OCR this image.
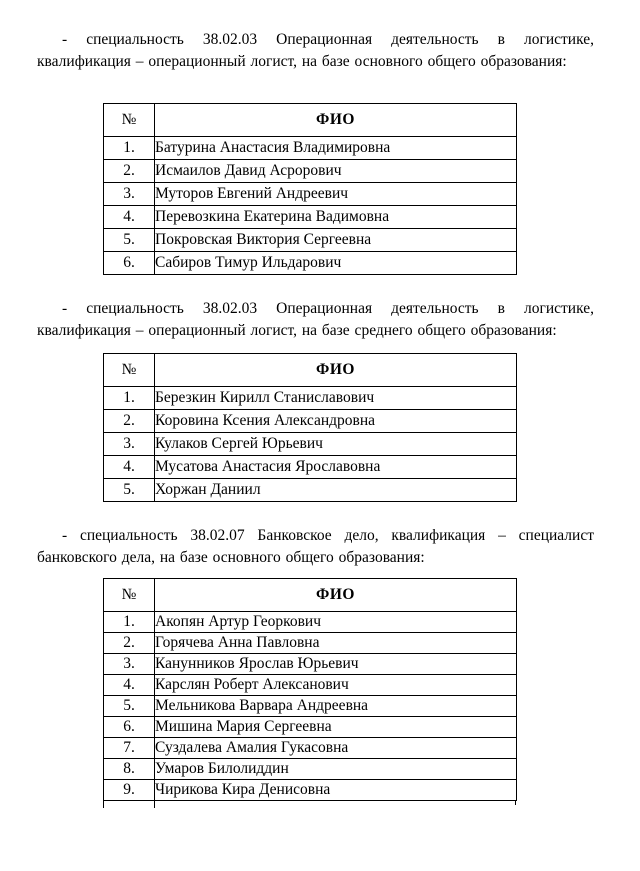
- специальность 38.02.03 Операционная деятельность в логистике, квалификация – операционный логист, на базе основного общего образования:

№	ФИО
1.	Батурина Анастасия Владимировна
2.	Исмаилов Давид Асрорович
3.	Муторов Евгений Андреевич
4.	Перевозкина Екатерина Вадимовна
5.	Покровская Виктория Сергеевна
6.	Сабиров Тимур Ильдарович

- специальность 38.02.03 Операционная деятельность в логистике, квалификация – операционный логист, на базе среднего общего образования:

№	ФИО
1.	Березкин Кирилл Станиславович
2.	Коровина Ксения Александровна
3.	Кулаков Сергей Юрьевич
4.	Мусатова Анастасия Ярославовна
5.	Хоржан Даниил

- специальность 38.02.07 Банковское дело, квалификация – специалист банковского дела, на базе основного общего образования:

№	ФИО
1.	Акопян Артур Георкович
2.	Горячева Анна Павловна
3.	Канунников Ярослав Юрьевич
4.	Карслян Роберт Алексанович
5.	Мельникова Варвара Андреевна
6.	Мишина Мария Сергеевна
7.	Суздалева Амалия Гукасовна
8.	Умаров Билолиддин
9.	Чирикова Кира Денисовна
